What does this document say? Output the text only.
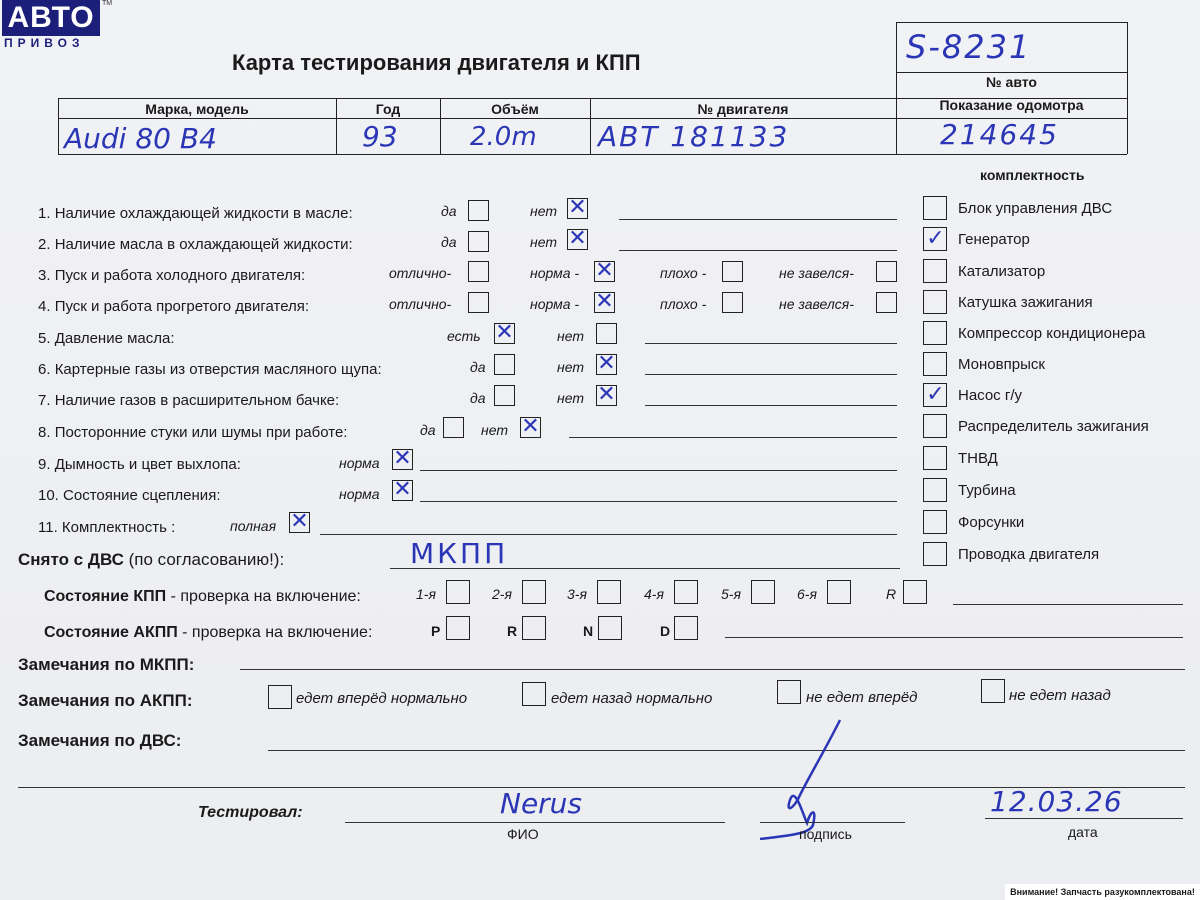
АВТО
ПРИВОЗ
TM
Карта тестирования двигателя и КПП	S-8231
№ авто
Марка, модель	Год	Объём	№ двигателя	Показание одомотра
Audi 80 B4	93	2.0m ABT 181133	214645
комплектность
1. Наличие охлаждающей жидкости в масле:	да	нет ✕
2. Наличие масла в охлаждающей жидкости:	да	нет ✕
3. Пуск и работа холодного двигателя:	отлично-	норма - ✕	плохо -	не завелся-
4. Пуск и работа прогретого двигателя:	отлично-	норма - ✕	плохо -	не завелся-
5. Давление масла:	есть ✕	нет
6. Картерные газы из отверстия масляного щупа:	да	нет ✕
7. Наличие газов в расширительном бачке:	да	нет ✕
8. Посторонние стуки или шумы при работе:	да	нет ✕
9. Дымность и цвет выхлопа:	норма ✕
10. Состояние сцепления:	норма ✕
11. Комплектность :	полная ✕
Блок управления ДВС
✓ Генератор
Катализатор
Катушка зажигания
Компрессор кондиционера
Моновпрыск
✓ Насос г/у
Распределитель зажигания
ТНВД
Турбина
Форсунки
Проводка двигателя
Снято с ДВС (по согласованию!):	МКПП
Состояние КПП - проверка на включение:	1-я	2-я	3-я	4-я	5-я	6-я	R
Состояние АКПП - проверка на включение:	P	R	N	D
Замечания по МКПП:
Замечания по АКПП:	едет вперёд нормально	едет назад нормально	не едет вперёд	не едет назад
Замечания по ДВС:
Тестировал:	Nerus
ФИО	подпись
12.03.26
дата
Внимание! Запчасть разукомплектована!
